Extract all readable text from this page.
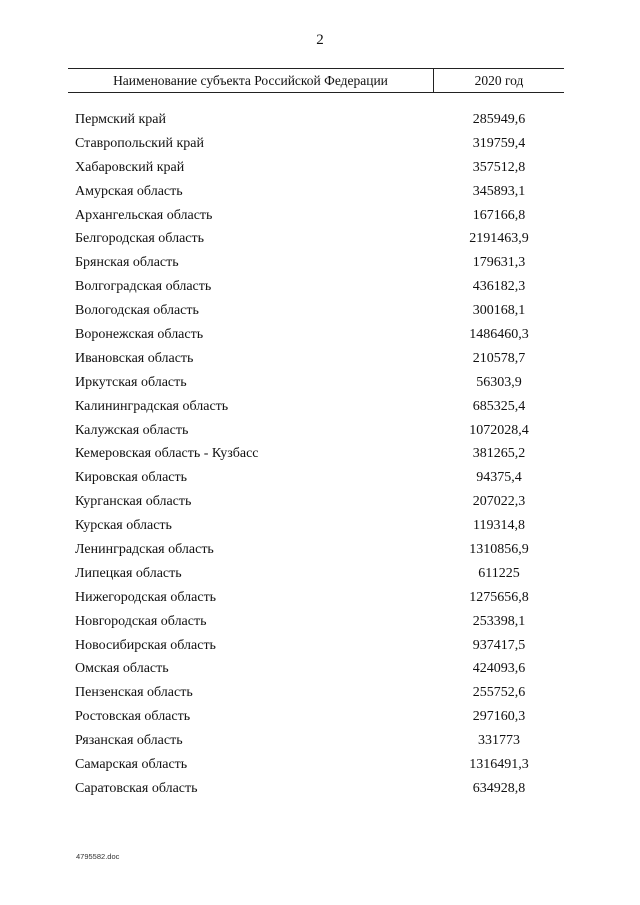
2
Наименование субъекта Российской Федерации	2020 год
Пермский край	285949,6
Ставропольский край	319759,4
Хабаровский край	357512,8
Амурская область	345893,1
Архангельская область	167166,8
Белгородская область	2191463,9
Брянская область	179631,3
Волгоградская область	436182,3
Вологодская область	300168,1
Воронежская область	1486460,3
Ивановская область	210578,7
Иркутская область	56303,9
Калининградская область	685325,4
Калужская область	1072028,4
Кемеровская область - Кузбасс	381265,2
Кировская область	94375,4
Курганская область	207022,3
Курская область	119314,8
Ленинградская область	1310856,9
Липецкая область	611225
Нижегородская область	1275656,8
Новгородская область	253398,1
Новосибирская область	937417,5
Омская область	424093,6
Пензенская область	255752,6
Ростовская область	297160,3
Рязанская область	331773
Самарская область	1316491,3
Саратовская область	634928,8
4795582.doc
